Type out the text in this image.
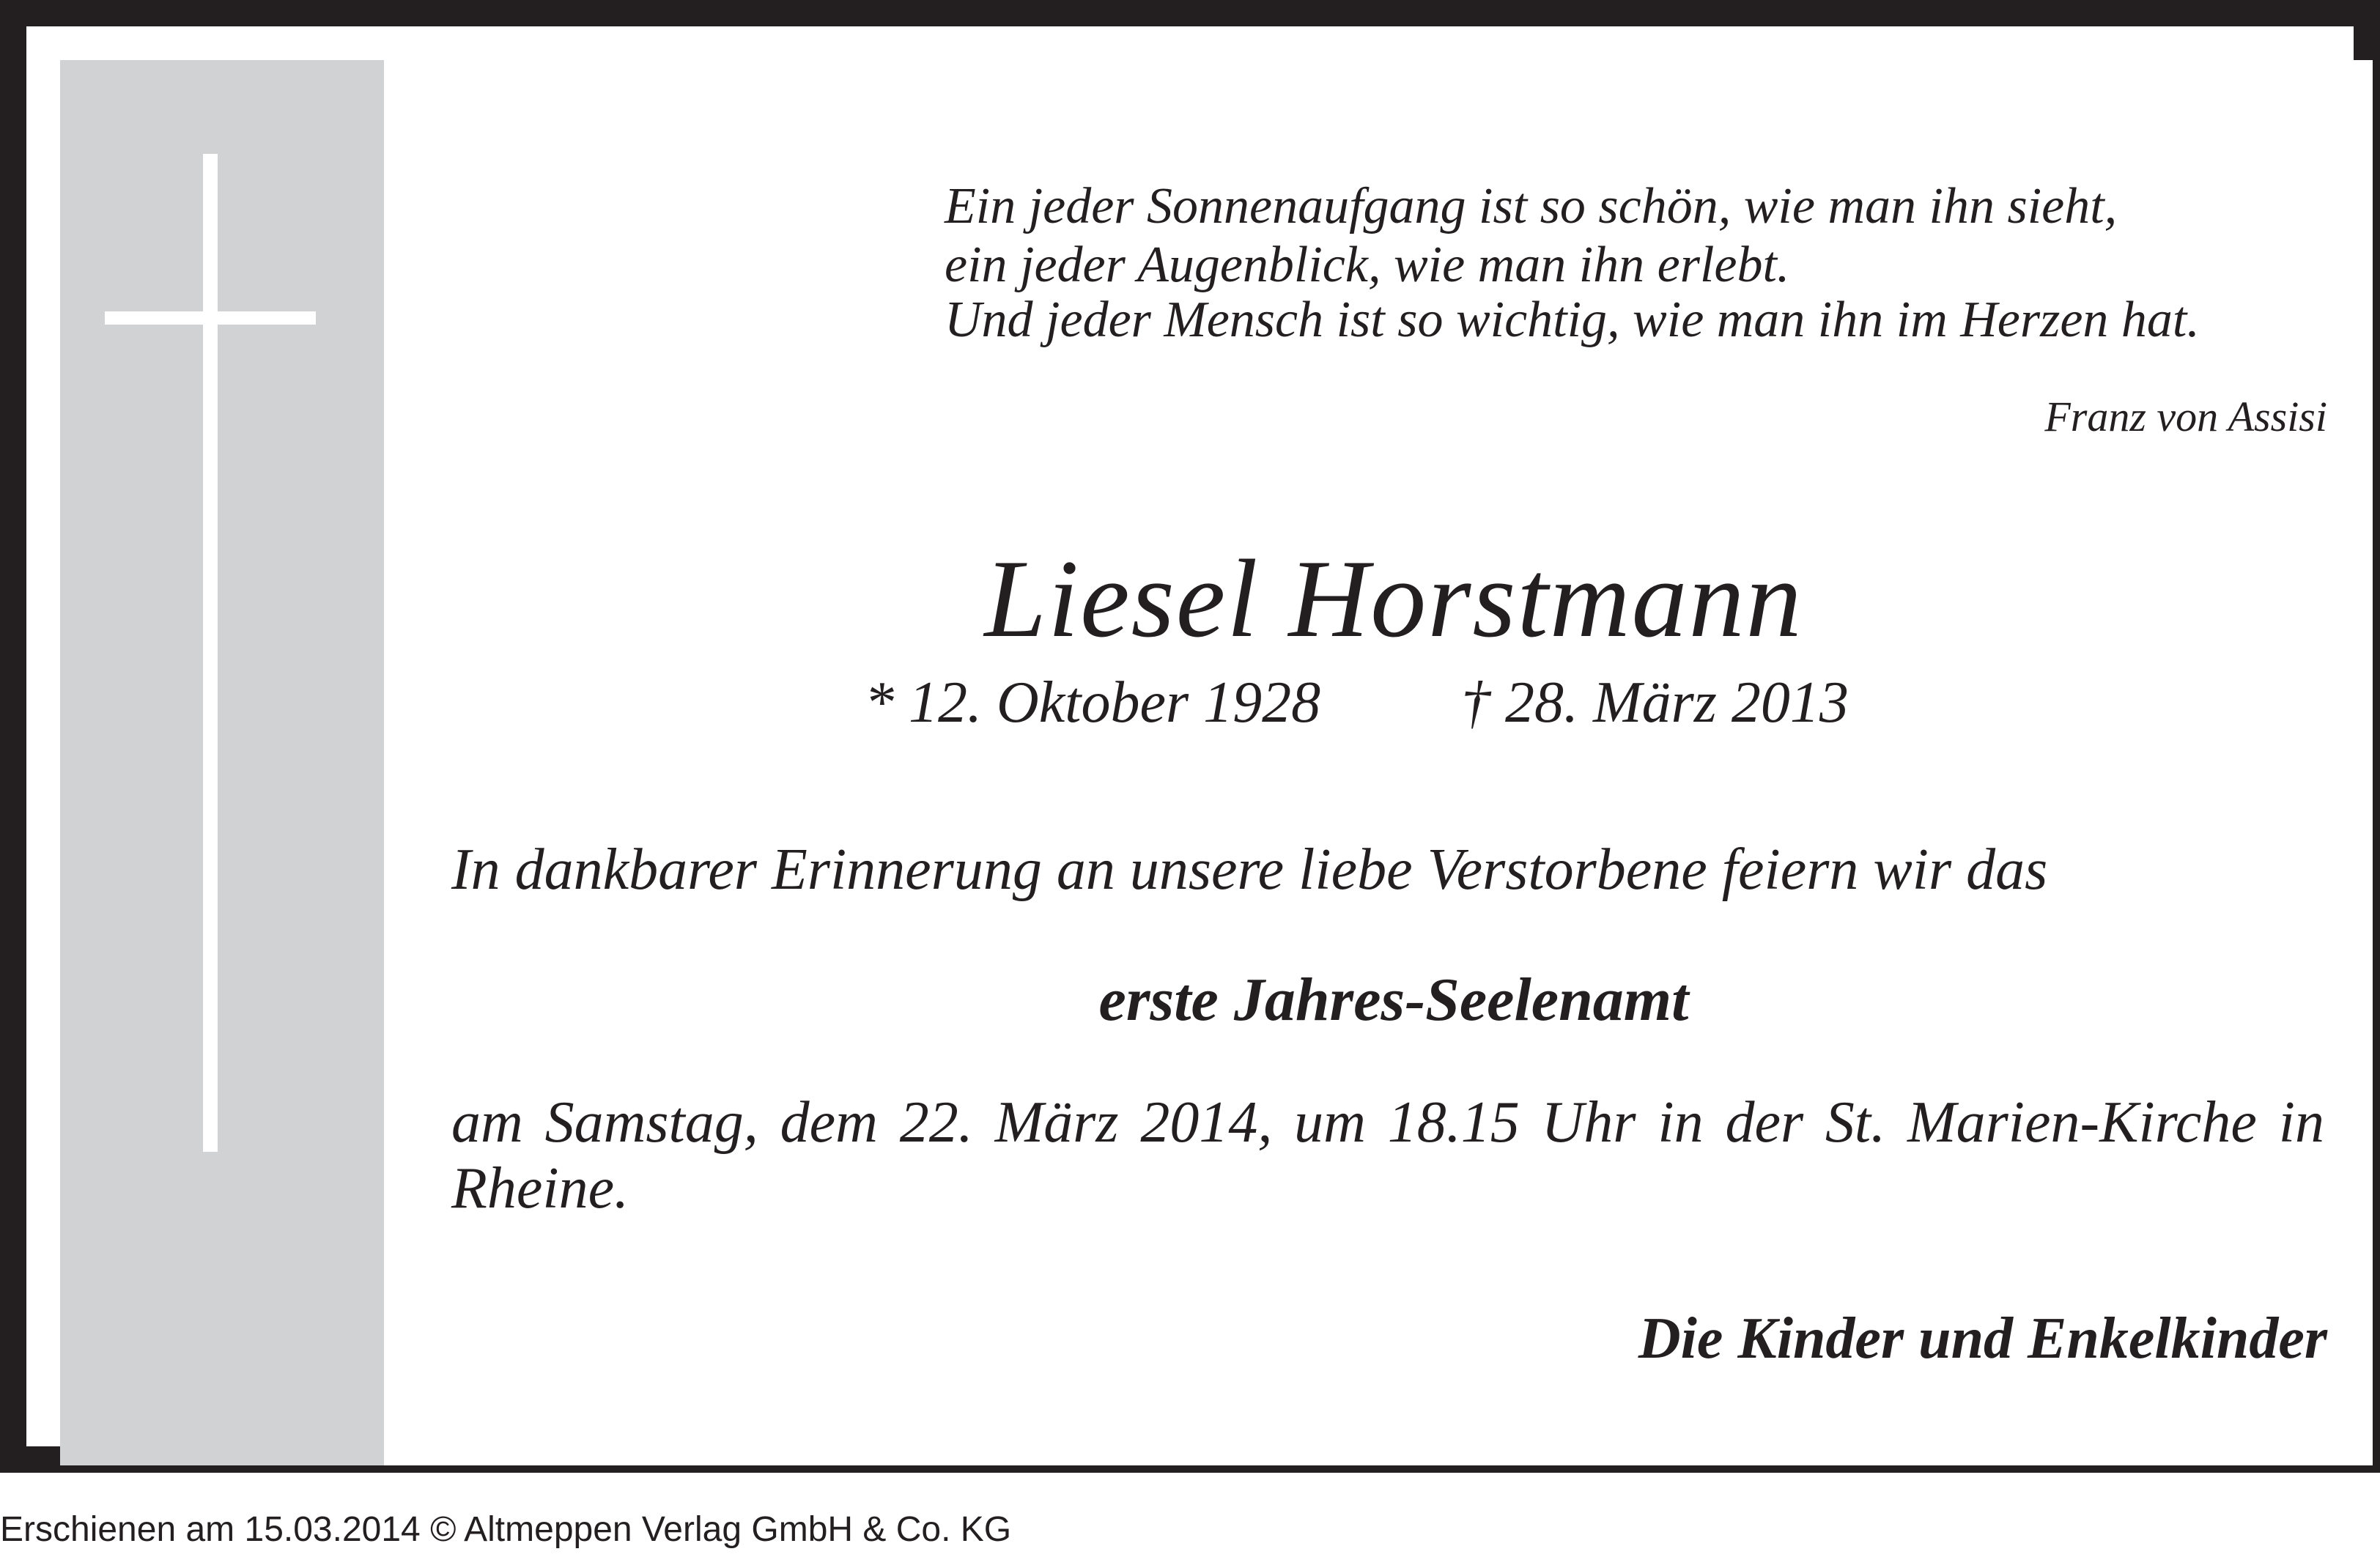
Ein jeder Sonnenaufgang ist so schön, wie man ihn sieht,
ein jeder Augenblick, wie man ihn erlebt.
Und jeder Mensch ist so wichtig, wie man ihn im Herzen hat.
Franz von Assisi
Liesel Horstmann
* 12. Oktober 1928 † 28. März 2013
In dankbarer Erinnerung an unsere liebe Verstorbene feiern wir das
erste Jahres-Seelenamt
am Samstag, dem 22. März 2014, um 18.15 Uhr in der St. Marien-Kirche in Rheine.
Die Kinder und Enkelkinder
Erschienen am 15.03.2014 © Altmeppen Verlag GmbH & Co. KG
